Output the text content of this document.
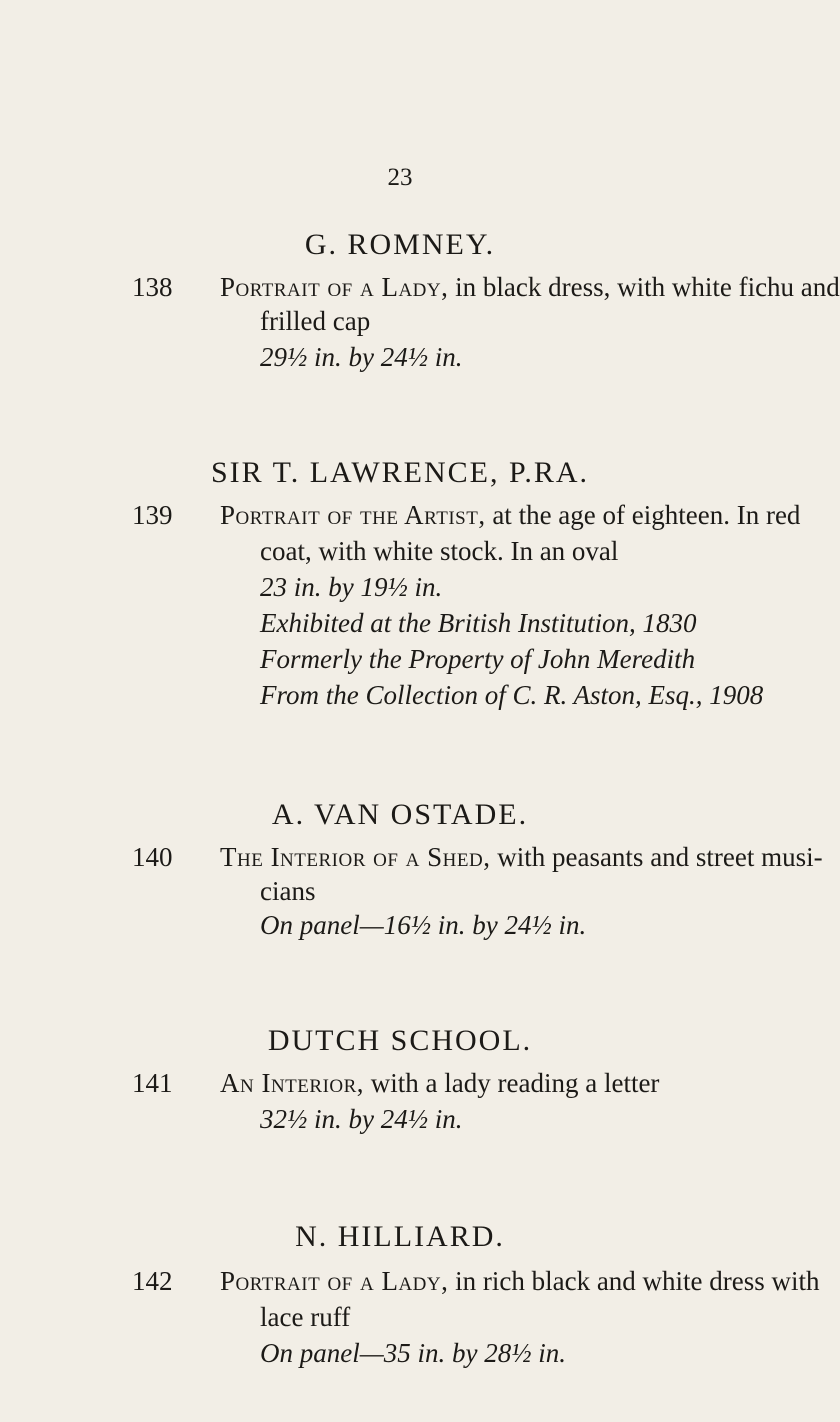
23
G. ROMNEY.
138 Portrait of a Lady, in black dress, with white fichu and
frilled cap
29½ in. by 24½ in.
SIR T. LAWRENCE, P.RA.
139 Portrait of the Artist, at the age of eighteen. In red
coat, with white stock. In an oval
23 in. by 19½ in.
Exhibited at the British Institution, 1830
Formerly the Property of John Meredith
From the Collection of C. R. Aston, Esq., 1908
A. VAN OSTADE.
140 The Interior of a Shed, with peasants and street musi-
cians
On panel—16½ in. by 24½ in.
DUTCH SCHOOL.
141 An Interior, with a lady reading a letter
32½ in. by 24½ in.
N. HILLIARD.
142 Portrait of a Lady, in rich black and white dress with
lace ruff
On panel—35 in. by 28½ in.
